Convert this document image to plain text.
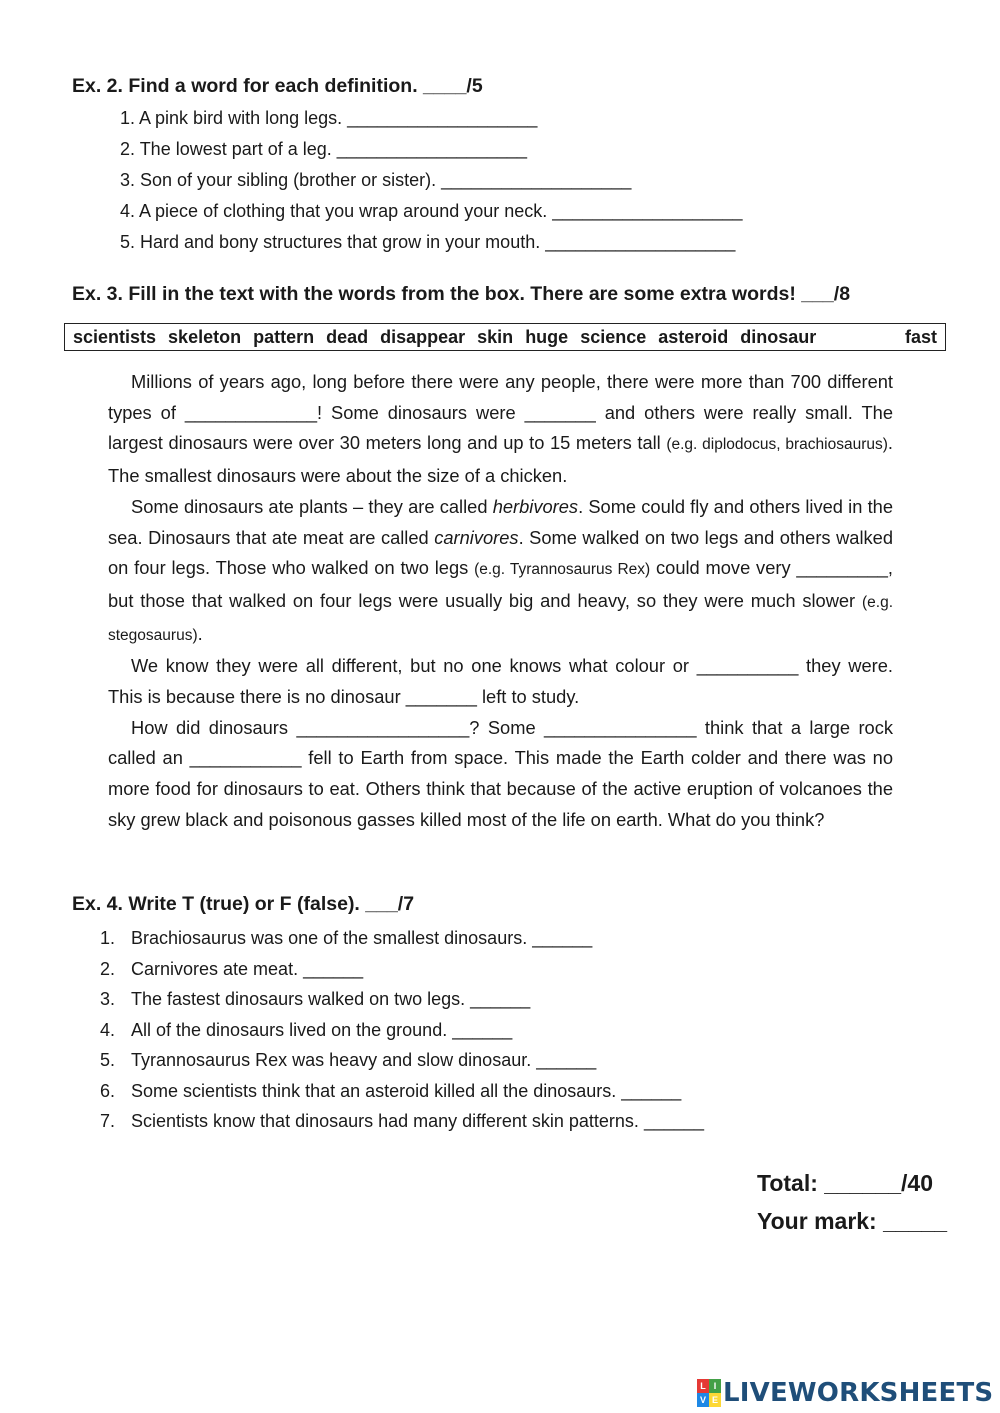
Ex. 2. Find a word for each definition. ____/5
1. A pink bird with long legs. ___________________
2. The lowest part of a leg. ___________________
3. Son of your sibling (brother or sister). ___________________
4. A piece of clothing that you wrap around your neck. ___________________
5. Hard and bony structures that grow in your mouth. ___________________
Ex. 3. Fill in the text with the words from the box. There are some extra words! ___/8
scientists skeleton pattern dead disappear skin huge science asteroid dinosaur	fast

Millions of years ago, long before there were any people, there were more than 700 different types of _____________! Some dinosaurs were _______ and others were really small. The largest dinosaurs were over 30 meters long and up to 15 meters tall (e.g. diplodocus, brachiosaurus). The smallest dinosaurs were about the size of a chicken.

Some dinosaurs ate plants – they are called herbivores. Some could fly and others lived in the sea. Dinosaurs that ate meat are called carnivores. Some walked on two legs and others walked on four legs. Those who walked on two legs (e.g. Tyrannosaurus Rex) could move very _________, but those that walked on four legs were usually big and heavy, so they were much slower (e.g. stegosaurus).

We know they were all different, but no one knows what colour or __________ they were. This is because there is no dinosaur _______ left to study.

How did dinosaurs _________________? Some _______________ think that a large rock called an ___________ fell to Earth from space. This made the Earth colder and there was no more food for dinosaurs to eat. Others think that because of the active eruption of volcanoes the sky grew black and poisonous gasses killed most of the life on earth. What do you think?

Ex. 4. Write T (true) or F (false). ___/7
1. Brachiosaurus was one of the smallest dinosaurs. ______
2. Carnivores ate meat. ______
3. The fastest dinosaurs walked on two legs. ______
4. All of the dinosaurs lived on the ground. ______
5. Tyrannosaurus Rex was heavy and slow dinosaur. ______
6. Some scientists think that an asteroid killed all the dinosaurs. ______
7. Scientists know that dinosaurs had many different skin patterns. ______
Total: ______/40
Your mark: _____
L I
V E LIVEWORKSHEETS
